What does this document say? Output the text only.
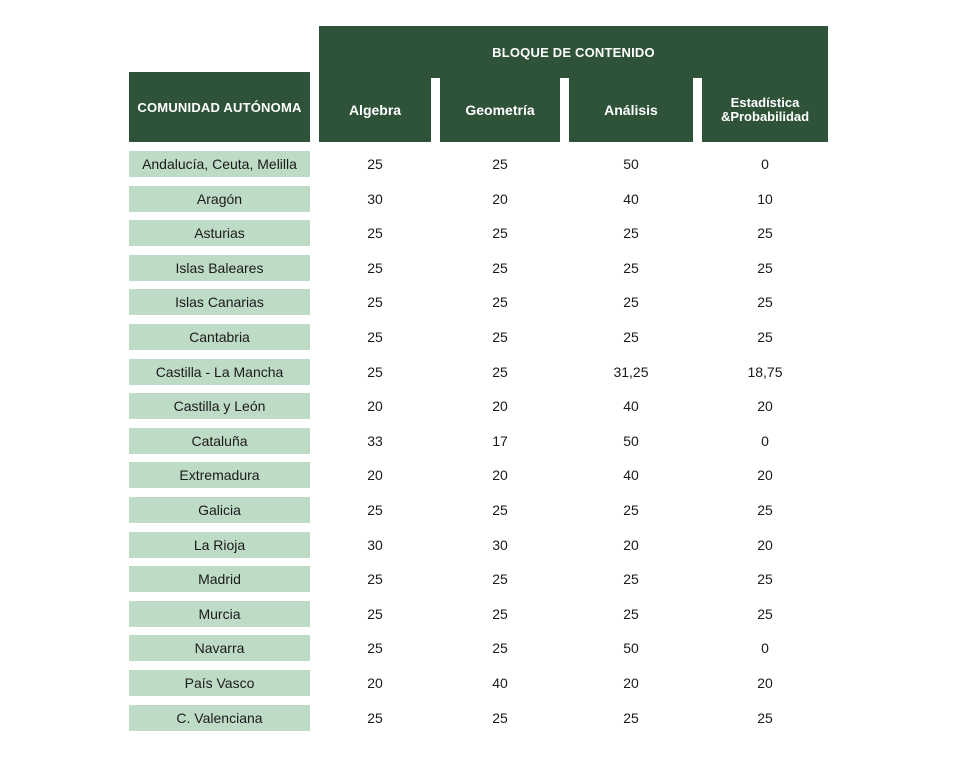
BLOQUE DE CONTENIDO
COMUNIDAD AUTÓNOMA	Algebra	Geometría	Análisis	Estadística &Probabilidad
Andalucía, Ceuta, Melilla	25	25	50	0
Aragón	30	20	40	10
Asturias	25	25	25	25
Islas Baleares	25	25	25	25
Islas Canarias	25	25	25	25
Cantabria	25	25	25	25
Castilla - La Mancha	25	25	31,25	18,75
Castilla y León	20	20	40	20
Cataluña	33	17	50	0
Extremadura	20	20	40	20
Galicia	25	25	25	25
La Rioja	30	30	20	20
Madrid	25	25	25	25
Murcia	25	25	25	25
Navarra	25	25	50	0
País Vasco	20	40	20	20
C. Valenciana	25	25	25	25
